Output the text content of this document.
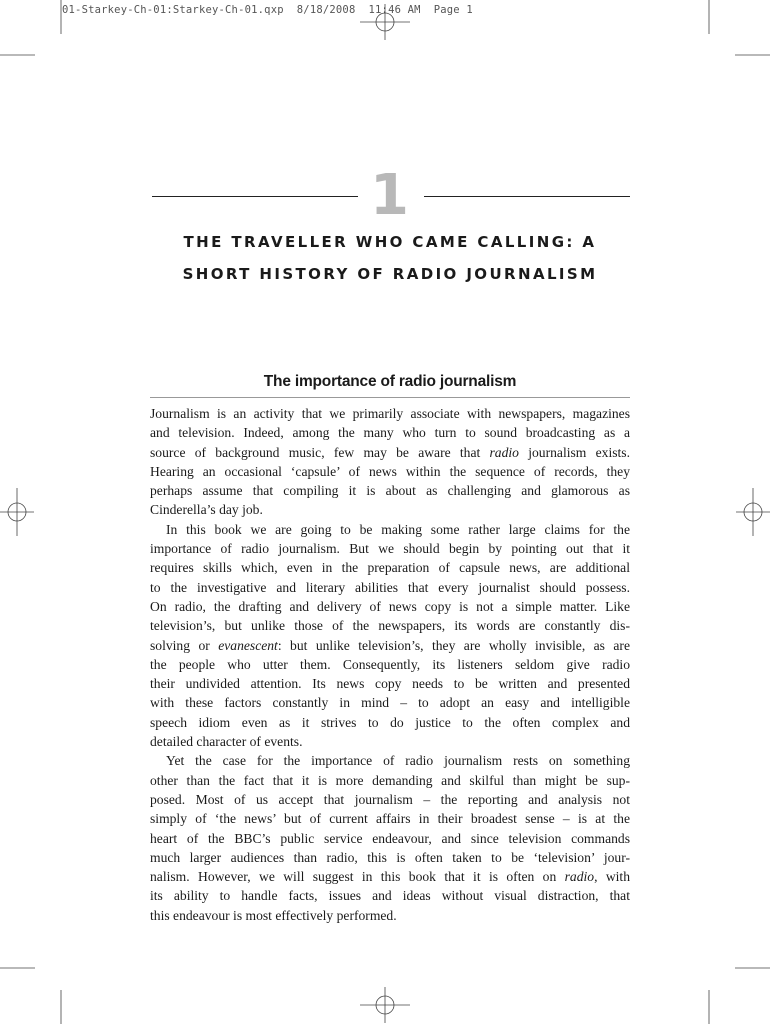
01-Starkey-Ch-01:Starkey-Ch-01.qxp  8/18/2008  11:46 AM  Page 1
1
THE TRAVELLER WHO CAME CALLING: A
SHORT HISTORY OF RADIO JOURNALISM
The importance of radio journalism
Journalism is an activity that we primarily associate with newspapers, magazines
and television. Indeed, among the many who turn to sound broadcasting as a
source of background music, few may be aware that radio journalism exists.
Hearing an occasional ‘capsule’ of news within the sequence of records, they
perhaps assume that compiling it is about as challenging and glamorous as
Cinderella’s day job.
In this book we are going to be making some rather large claims for the
importance of radio journalism. But we should begin by pointing out that it
requires skills which, even in the preparation of capsule news, are additional
to the investigative and literary abilities that every journalist should possess.
On radio, the drafting and delivery of news copy is not a simple matter. Like
television’s, but unlike those of the newspapers, its words are constantly dis-
solving or evanescent: but unlike television’s, they are wholly invisible, as are
the people who utter them. Consequently, its listeners seldom give radio
their undivided attention. Its news copy needs to be written and presented
with these factors constantly in mind – to adopt an easy and intelligible
speech idiom even as it strives to do justice to the often complex and
detailed character of events.
Yet the case for the importance of radio journalism rests on something
other than the fact that it is more demanding and skilful than might be sup-
posed. Most of us accept that journalism – the reporting and analysis not
simply of ‘the news’ but of current affairs in their broadest sense – is at the
heart of the BBC’s public service endeavour, and since television commands
much larger audiences than radio, this is often taken to be ‘television’ jour-
nalism. However, we will suggest in this book that it is often on radio, with
its ability to handle facts, issues and ideas without visual distraction, that
this endeavour is most effectively performed.
